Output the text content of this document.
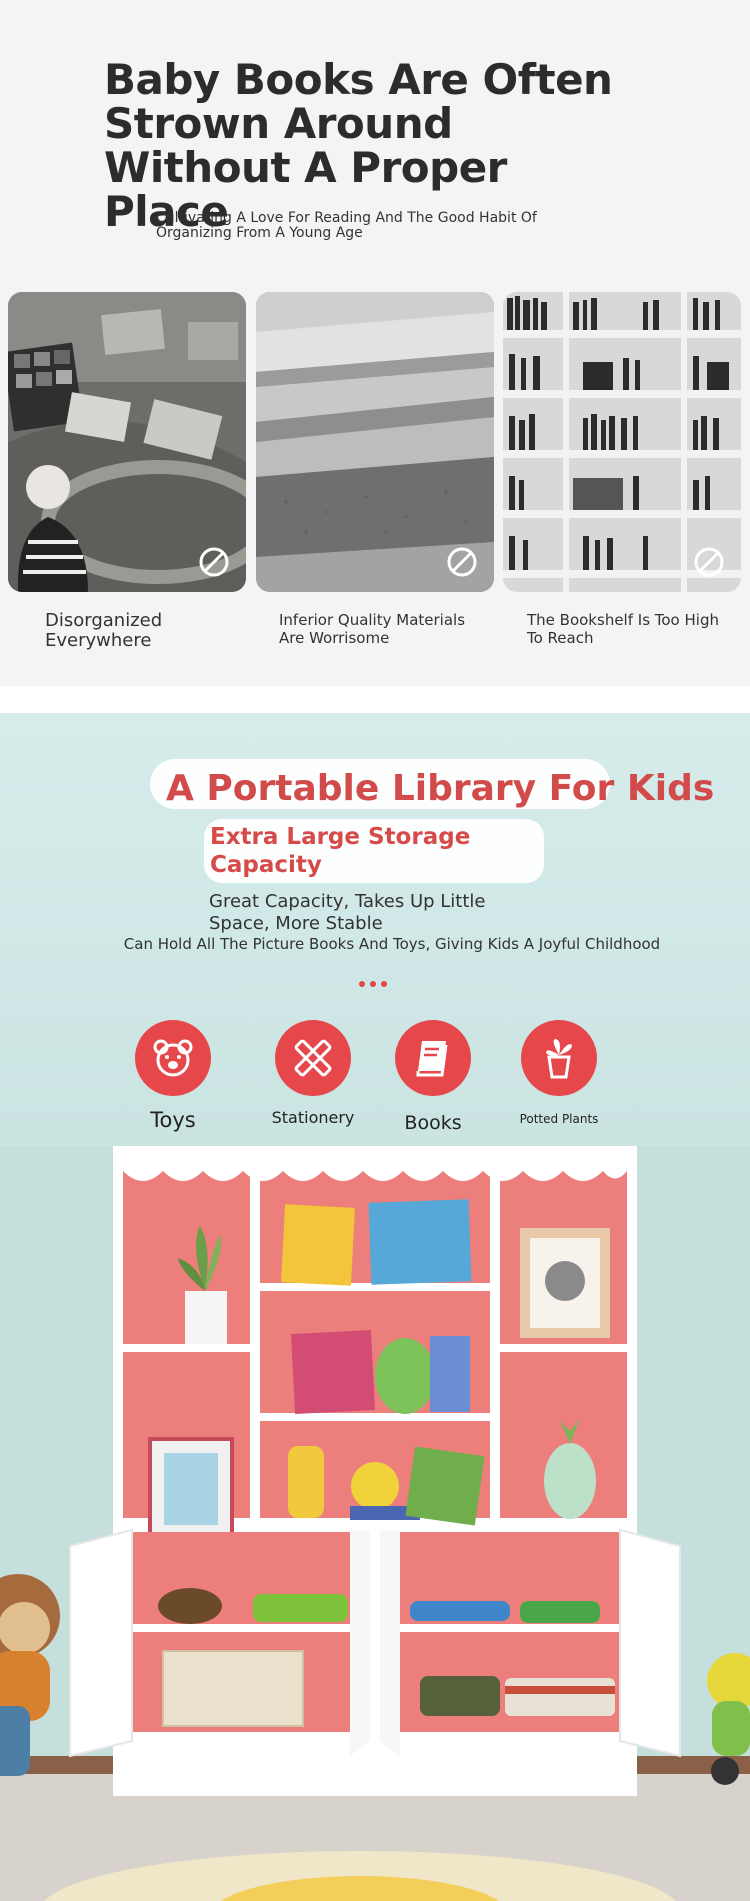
Baby Books Are Often Strown Around Without A Proper Place

Cultivating A Love For Reading And The Good Habit Of Organizing From A Young Age

Disorganized Everywhere

Inferior Quality Materials Are Worrisome

The Bookshelf Is Too High To Reach

A Portable Library For Kids
Extra Large Storage Capacity
Great Capacity, Takes Up Little Space, More Stable
Can Hold All The Picture Books And Toys, Giving Kids A Joyful Childhood
Toys	Stationery	Books	Potted Plants
